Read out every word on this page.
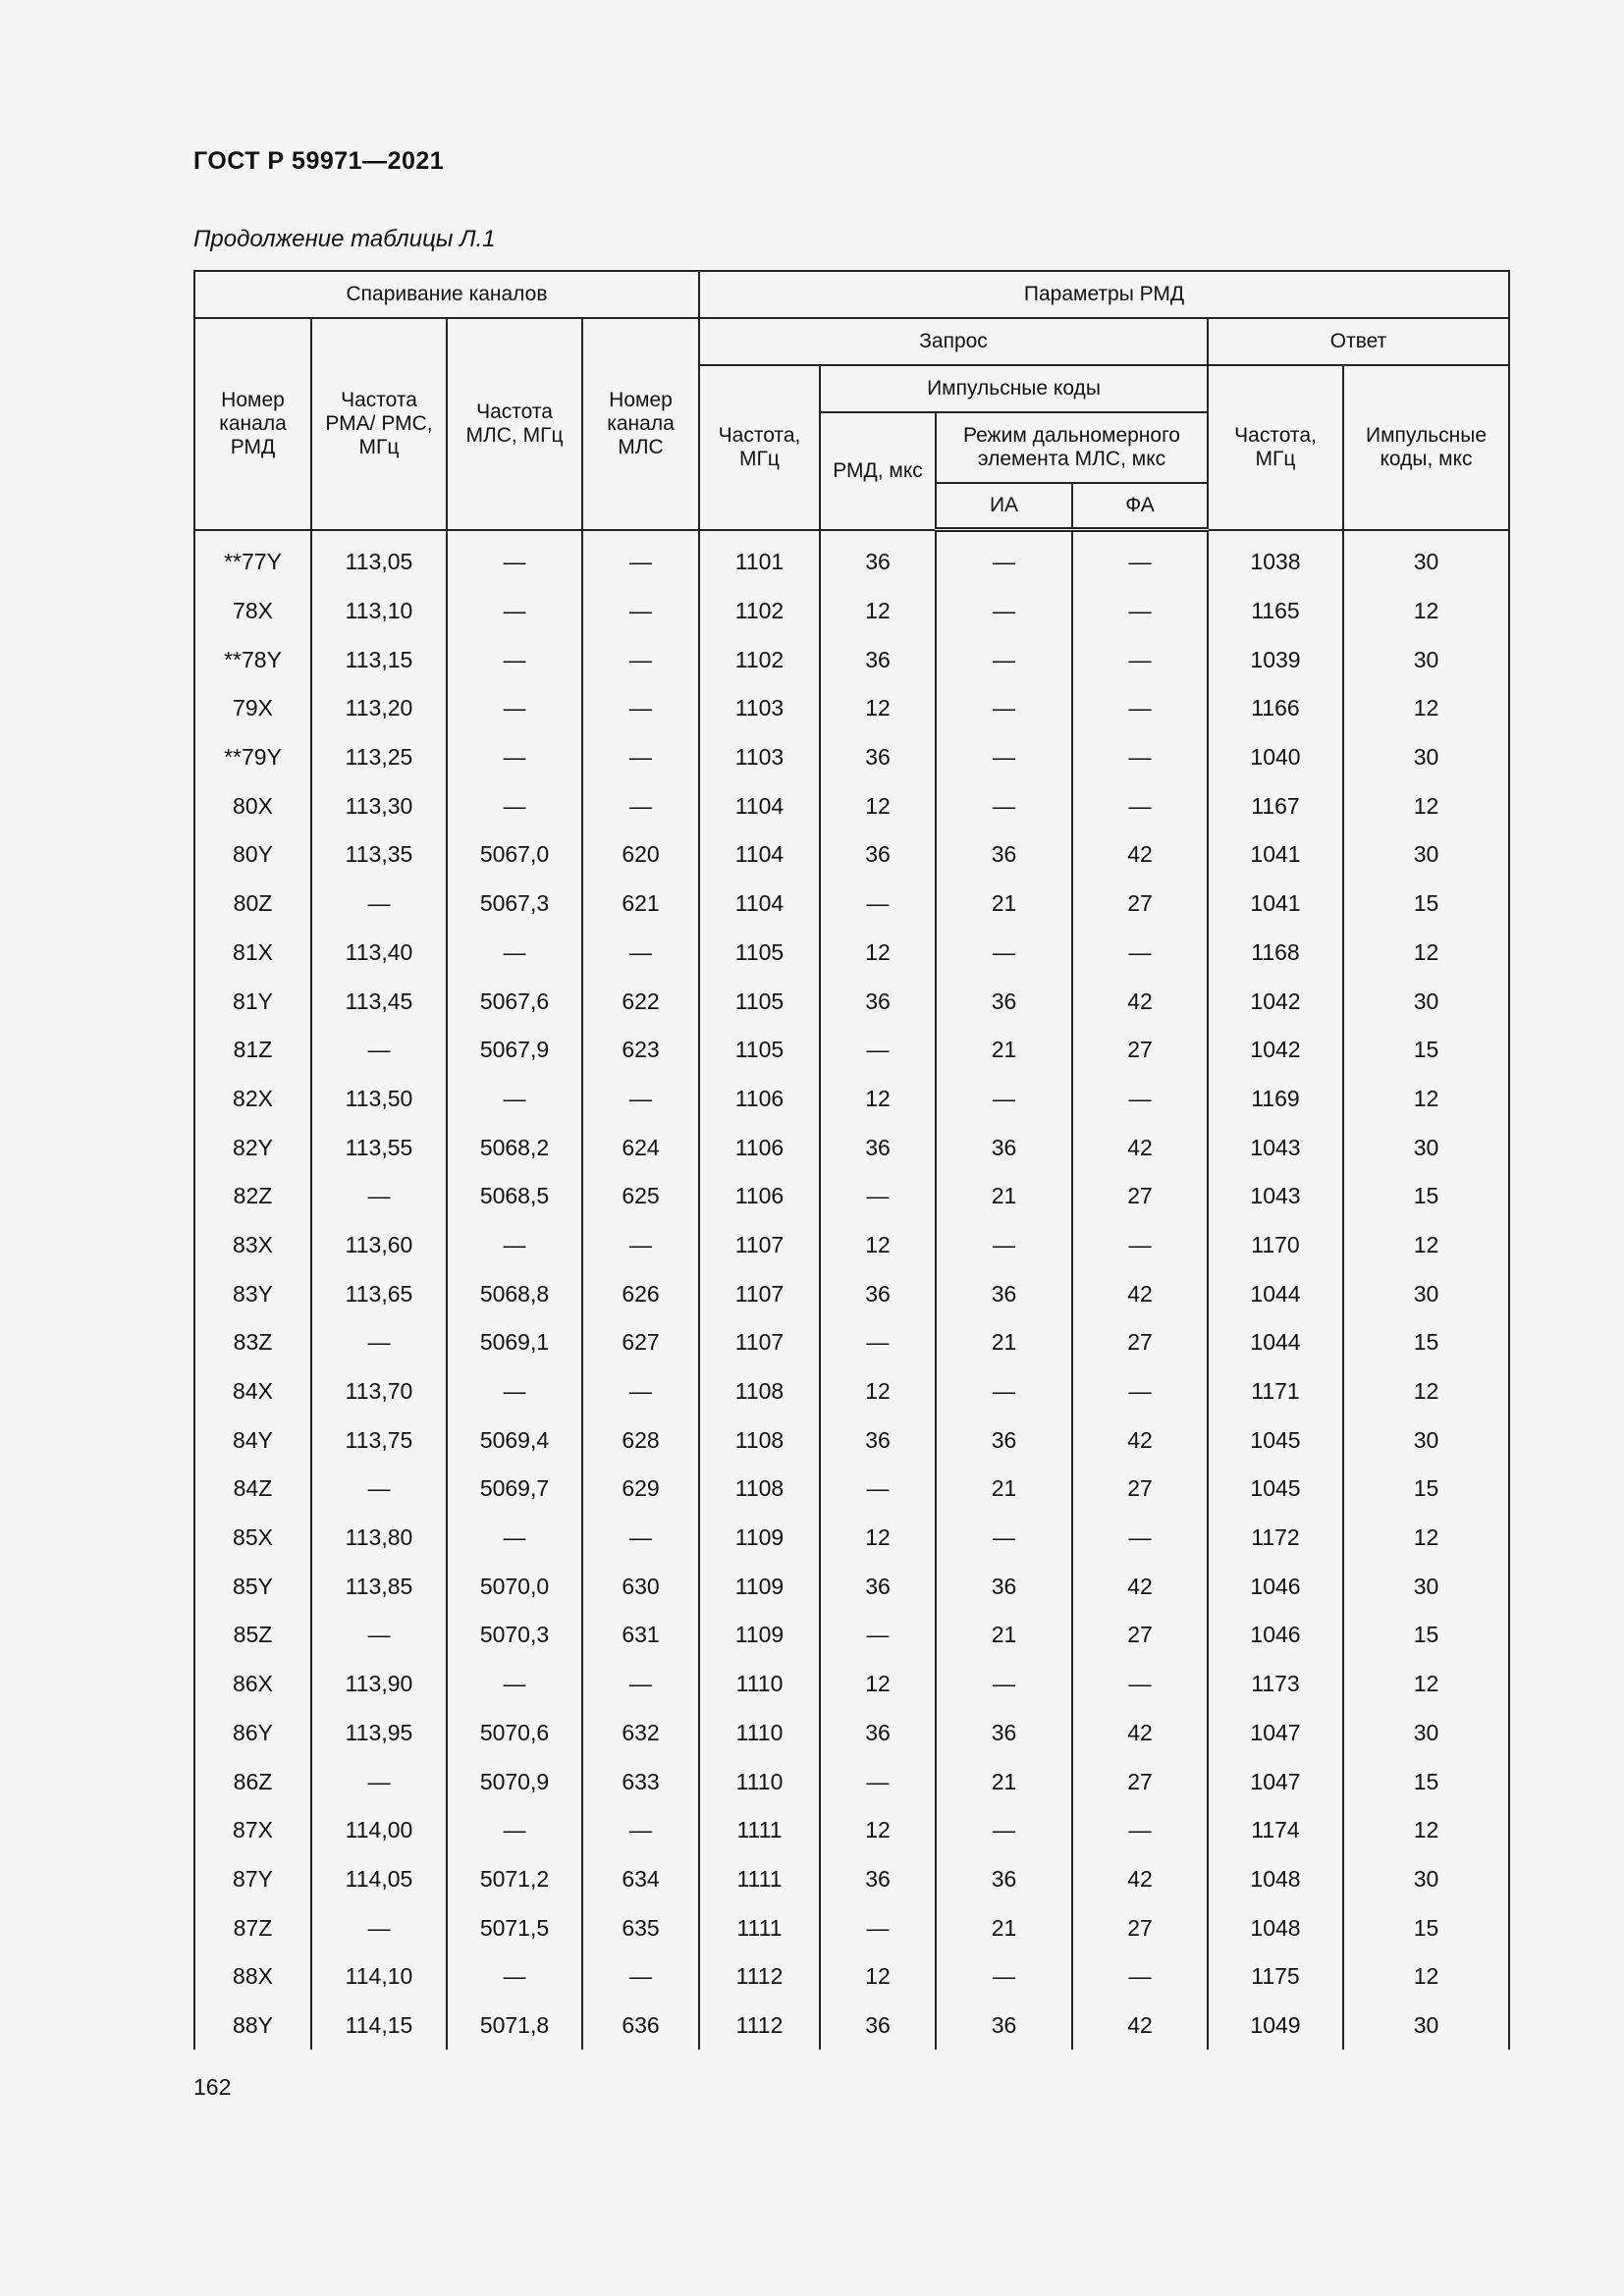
ГОСТ Р 59971—2021
Продолжение таблицы Л.1
Спаривание каналов				Параметры РМД					
Номер канала РМД	Частота РМА/ РМС, МГц	Частота МЛС, МГц	Номер канала МЛС	Запрос				Ответ	
				Частота, МГц	Импульсные коды			Частота, МГц	Импульсные коды, мкс
					РМД, мкс	Режим дальномерного элемента МЛС, мкс			
						ИА	ФА		
**77Y	113,05	—	—	1101	36	—	—	1038	30
78X	113,10	—	—	1102	12	—	—	1165	12
**78Y	113,15	—	—	1102	36	—	—	1039	30
79X	113,20	—	—	1103	12	—	—	1166	12
**79Y	113,25	—	—	1103	36	—	—	1040	30
80X	113,30	—	—	1104	12	—	—	1167	12
80Y	113,35	5067,0	620	1104	36	36	42	1041	30
80Z	—	5067,3	621	1104	—	21	27	1041	15
81X	113,40	—	—	1105	12	—	—	1168	12
81Y	113,45	5067,6	622	1105	36	36	42	1042	30
81Z	—	5067,9	623	1105	—	21	27	1042	15
82X	113,50	—	—	1106	12	—	—	1169	12
82Y	113,55	5068,2	624	1106	36	36	42	1043	30
82Z	—	5068,5	625	1106	—	21	27	1043	15
83X	113,60	—	—	1107	12	—	—	1170	12
83Y	113,65	5068,8	626	1107	36	36	42	1044	30
83Z	—	5069,1	627	1107	—	21	27	1044	15
84X	113,70	—	—	1108	12	—	—	1171	12
84Y	113,75	5069,4	628	1108	36	36	42	1045	30
84Z	—	5069,7	629	1108	—	21	27	1045	15
85X	113,80	—	—	1109	12	—	—	1172	12
85Y	113,85	5070,0	630	1109	36	36	42	1046	30
85Z	—	5070,3	631	1109	—	21	27	1046	15
86X	113,90	—	—	1110	12	—	—	1173	12
86Y	113,95	5070,6	632	1110	36	36	42	1047	30
86Z	—	5070,9	633	1110	—	21	27	1047	15
87X	114,00	—	—	1111	12	—	—	1174	12
87Y	114,05	5071,2	634	1111	36	36	42	1048	30
87Z	—	5071,5	635	1111	—	21	27	1048	15
88X	114,10	—	—	1112	12	—	—	1175	12
88Y	114,15	5071,8	636	1112	36	36	42	1049	30
162
